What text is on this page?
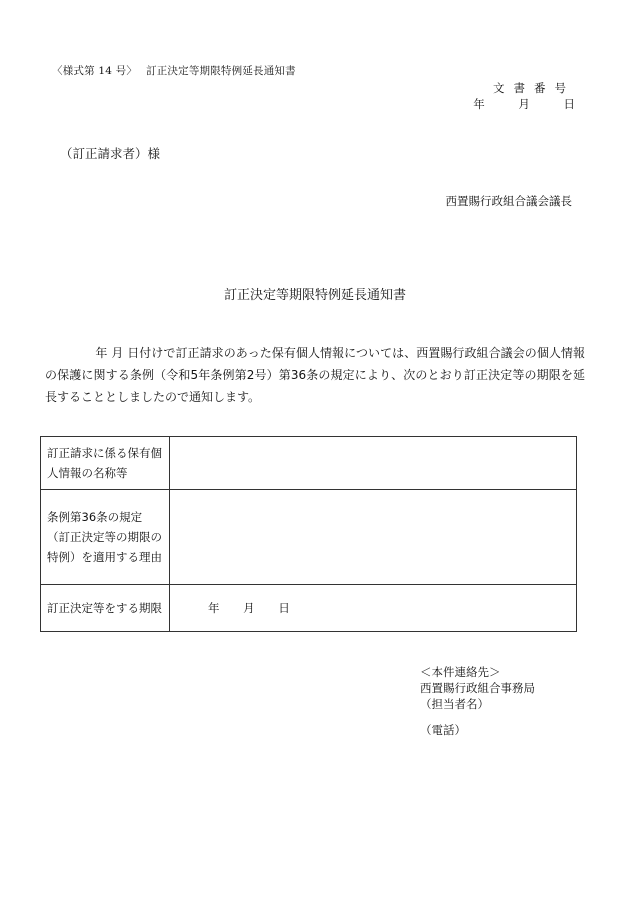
〈様式第 14 号〉　 訂正決定等期限特例延長通知書
文書番号
年	月	日
（訂正請求者）様
西置賜行政組合議会議長
訂正決定等期限特例延長通知書
年 月 日付けで訂正請求のあった保有個人情報については、西置賜行政組合議会の個人情報の保護に関する条例（令和5年条例第2号）第36条の規定により、次のとおり訂正決定等の期限を延長することとしましたので通知します。
訂正請求に係る保有個人情報の名称等	
条例第36条の規定（訂正決定等の期限の特例）を適用する理由	
訂正決定等をする期限	年 月 日
＜本件連絡先＞
西置賜行政組合事務局
（担当者名）
（電話）
